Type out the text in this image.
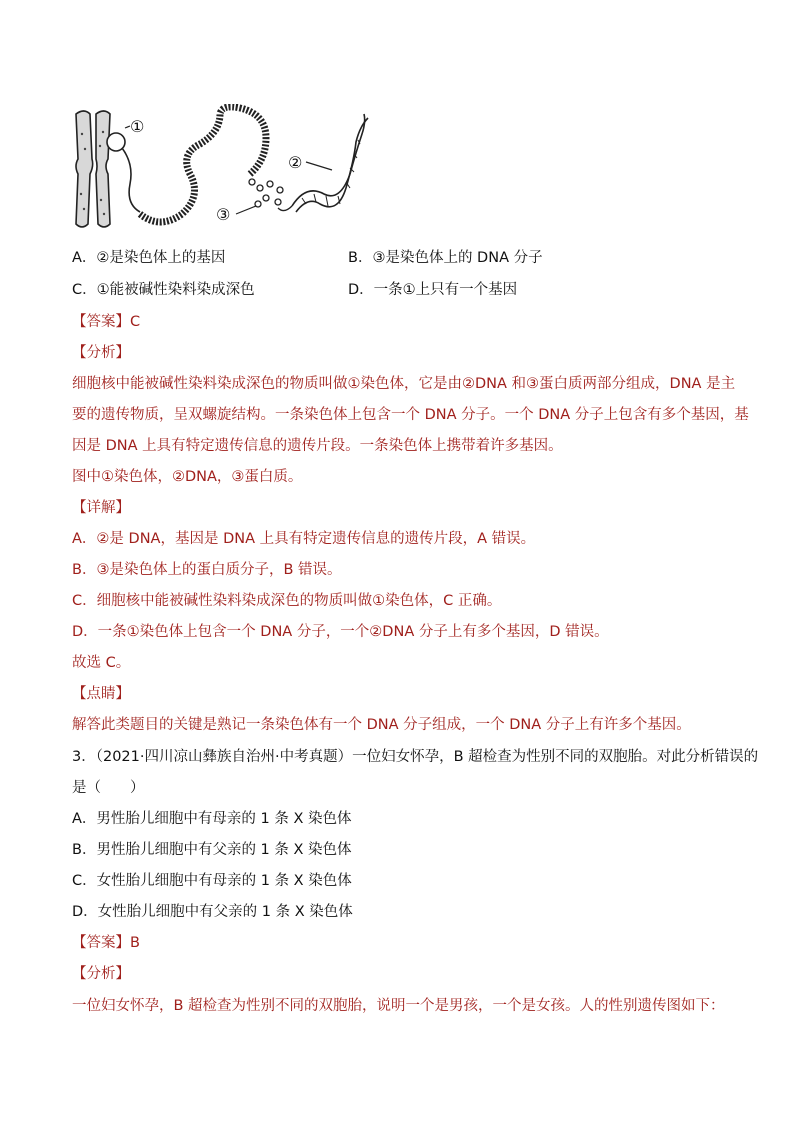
①
③
②
A．②是染色体上的基因	B．③是染色体上的 DNA 分子
C．①能被碱性染料染成深色	D．一条①上只有一个基因
【答案】C
【分析】
细胞核中能被碱性染料染成深色的物质叫做①染色体，它是由②DNA 和③蛋白质两部分组成，DNA 是主
要的遗传物质，呈双螺旋结构。一条染色体上包含一个 DNA 分子。一个 DNA 分子上包含有多个基因，基
因是 DNA 上具有特定遗传信息的遗传片段。一条染色体上携带着许多基因。
图中①染色体，②DNA，③蛋白质。
【详解】
A．②是 DNA，基因是 DNA 上具有特定遗传信息的遗传片段，A 错误。
B．③是染色体上的蛋白质分子，B 错误。
C．细胞核中能被碱性染料染成深色的物质叫做①染色体，C 正确。
D．一条①染色体上包含一个 DNA 分子，一个②DNA 分子上有多个基因，D 错误。
故选 C。
【点睛】
解答此类题目的关键是熟记一条染色体有一个 DNA 分子组成，一个 DNA 分子上有许多个基因。
3．（2021·四川凉山彝族自治州·中考真题）一位妇女怀孕，B 超检查为性别不同的双胞胎。对此分析错误的
是（　　）
A．男性胎儿细胞中有母亲的 1 条 X 染色体
B．男性胎儿细胞中有父亲的 1 条 X 染色体
C．女性胎儿细胞中有母亲的 1 条 X 染色体
D．女性胎儿细胞中有父亲的 1 条 X 染色体
【答案】B
【分析】
一位妇女怀孕，B 超检查为性别不同的双胞胎，说明一个是男孩，一个是女孩。人的性别遗传图如下：
